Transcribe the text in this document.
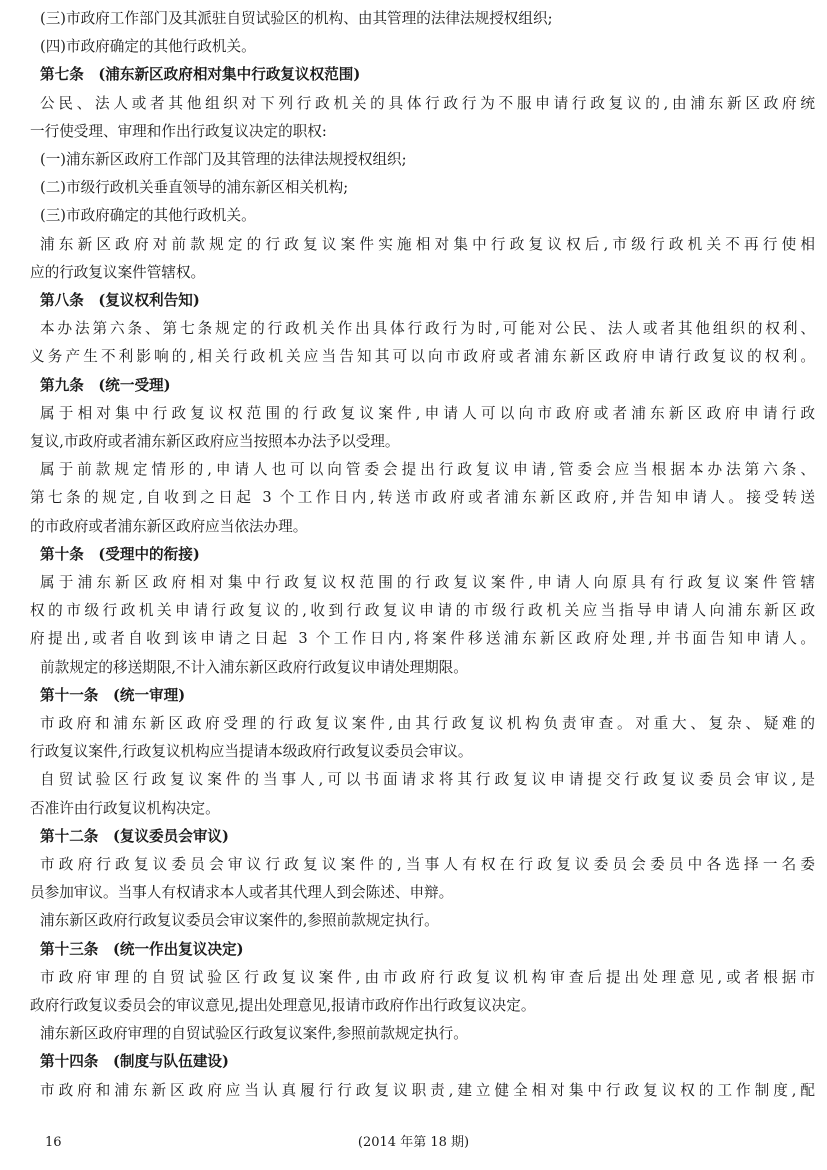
(三)市政府工作部门及其派驻自贸试验区的机构、由其管理的法律法规授权组织;
(四)市政府确定的其他行政机关。
第七条　(浦东新区政府相对集中行政复议权范围)
公民、法人或者其他组织对下列行政机关的具体行政行为不服申请行政复议的,由浦东新区政府统
一行使受理、审理和作出行政复议决定的职权:
(一)浦东新区政府工作部门及其管理的法律法规授权组织;
(二)市级行政机关垂直领导的浦东新区相关机构;
(三)市政府确定的其他行政机关。
浦东新区政府对前款规定的行政复议案件实施相对集中行政复议权后,市级行政机关不再行使相
应的行政复议案件管辖权。
第八条　(复议权利告知)
本办法第六条、第七条规定的行政机关作出具体行政行为时,可能对公民、法人或者其他组织的权利、
义务产生不利影响的,相关行政机关应当告知其可以向市政府或者浦东新区政府申请行政复议的权利。
第九条　(统一受理)
属于相对集中行政复议权范围的行政复议案件,申请人可以向市政府或者浦东新区政府申请行政
复议,市政府或者浦东新区政府应当按照本办法予以受理。
属于前款规定情形的,申请人也可以向管委会提出行政复议申请,管委会应当根据本办法第六条、
第七条的规定,自收到之日起 3 个工作日内,转送市政府或者浦东新区政府,并告知申请人。接受转送
的市政府或者浦东新区政府应当依法办理。
第十条　(受理中的衔接)
属于浦东新区政府相对集中行政复议权范围的行政复议案件,申请人向原具有行政复议案件管辖
权的市级行政机关申请行政复议的,收到行政复议申请的市级行政机关应当指导申请人向浦东新区政
府提出,或者自收到该申请之日起 3 个工作日内,将案件移送浦东新区政府处理,并书面告知申请人。
前款规定的移送期限,不计入浦东新区政府行政复议申请处理期限。
第十一条　(统一审理)
市政府和浦东新区政府受理的行政复议案件,由其行政复议机构负责审查。对重大、复杂、疑难的
行政复议案件,行政复议机构应当提请本级政府行政复议委员会审议。
自贸试验区行政复议案件的当事人,可以书面请求将其行政复议申请提交行政复议委员会审议,是
否准许由行政复议机构决定。
第十二条　(复议委员会审议)
市政府行政复议委员会审议行政复议案件的,当事人有权在行政复议委员会委员中各选择一名委
员参加审议。当事人有权请求本人或者其代理人到会陈述、申辩。
浦东新区政府行政复议委员会审议案件的,参照前款规定执行。
第十三条　(统一作出复议决定)
市政府审理的自贸试验区行政复议案件,由市政府行政复议机构审查后提出处理意见,或者根据市
政府行政复议委员会的审议意见,提出处理意见,报请市政府作出行政复议决定。
浦东新区政府审理的自贸试验区行政复议案件,参照前款规定执行。
第十四条　(制度与队伍建设)
市政府和浦东新区政府应当认真履行行政复议职责,建立健全相对集中行政复议权的工作制度,配
16	(2014 年第 18 期)
